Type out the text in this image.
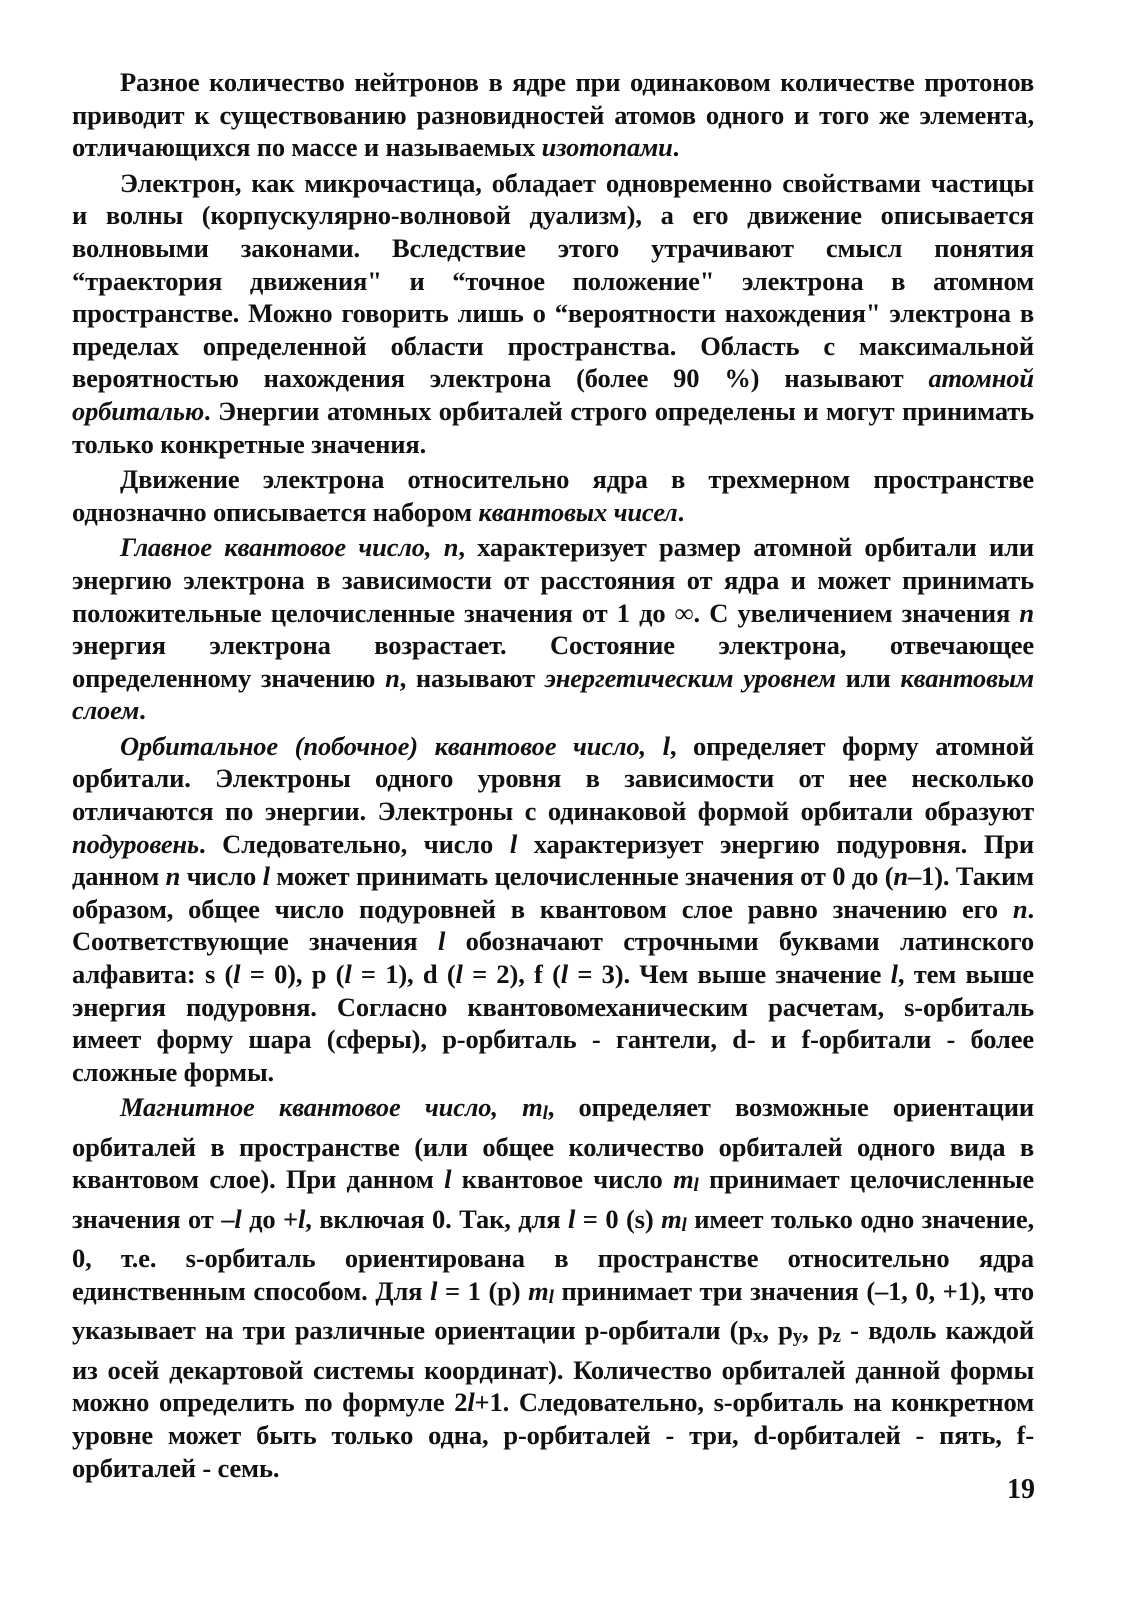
Разное количество нейтронов в ядре при одинаковом количестве протонов приводит к существованию разновидностей атомов одного и того же элемента, отличающихся по массе и называемых изотопами.

Электрон, как микрочастица, обладает одновременно свойствами частицы и волны (корпускулярно-волновой дуализм), а его движение описывается волновыми законами. Вследствие этого утрачивают смысл понятия “траектория движения" и “точное положение" электрона в атомном пространстве. Можно говорить лишь о “вероятности нахождения" электрона в пределах определенной области пространства. Область с максимальной вероятностью нахождения электрона (более 90 %) называют атомной орбиталью. Энергии атомных орбиталей строго определены и могут принимать только конкретные значения.

Движение электрона относительно ядра в трехмерном пространстве однозначно описывается набором квантовых чисел.

Главное квантовое число, n, характеризует размер атомной орбитали или энергию электрона в зависимости от расстояния от ядра и может принимать положительные целочисленные значения от 1 до ∞. С увеличением значения n энергия электрона возрастает. Состояние электрона, отвечающее определенному значению n, называют энергетическим уровнем или квантовым слоем.

Орбитальное (побочное) квантовое число, l, определяет форму атомной орбитали. Электроны одного уровня в зависимости от нее несколько отличаются по энергии. Электроны с одинаковой формой орбитали образуют подуровень. Следовательно, число l характеризует энергию подуровня. При данном n число l может принимать целочисленные значения от 0 до (n–1). Таким образом, общее число подуровней в квантовом слое равно значению его n. Соответствующие значения l обозначают строчными буквами латинского алфавита: s (l = 0), p (l = 1), d (l = 2), f (l = 3). Чем выше значение l, тем выше энергия подуровня. Согласно квантовомеханическим расчетам, s-орбиталь имеет форму шара (сферы), p-орбиталь - гантели, d- и f-орбитали - более сложные формы.

Магнитное квантовое число, ml, определяет возможные ориентации орбиталей в пространстве (или общее количество орбиталей одного вида в квантовом слое). При данном l квантовое число ml принимает целочисленные значения от –l до +l, включая 0. Так, для l = 0 (s) ml имеет только одно значение, 0, т.е. s-орбиталь ориентирована в пространстве относительно ядра единственным способом. Для l = 1 (p) ml принимает три значения (–1, 0, +1), что указывает на три различные ориентации p-орбитали (px, py, pz - вдоль каждой из осей декартовой системы координат). Количество орбиталей данной формы можно определить по формуле 2l+1. Следовательно, s-орбиталь на конкретном уровне может быть только одна, p-орбиталей - три, d-орбиталей - пять, f-орбиталей - семь.

19
